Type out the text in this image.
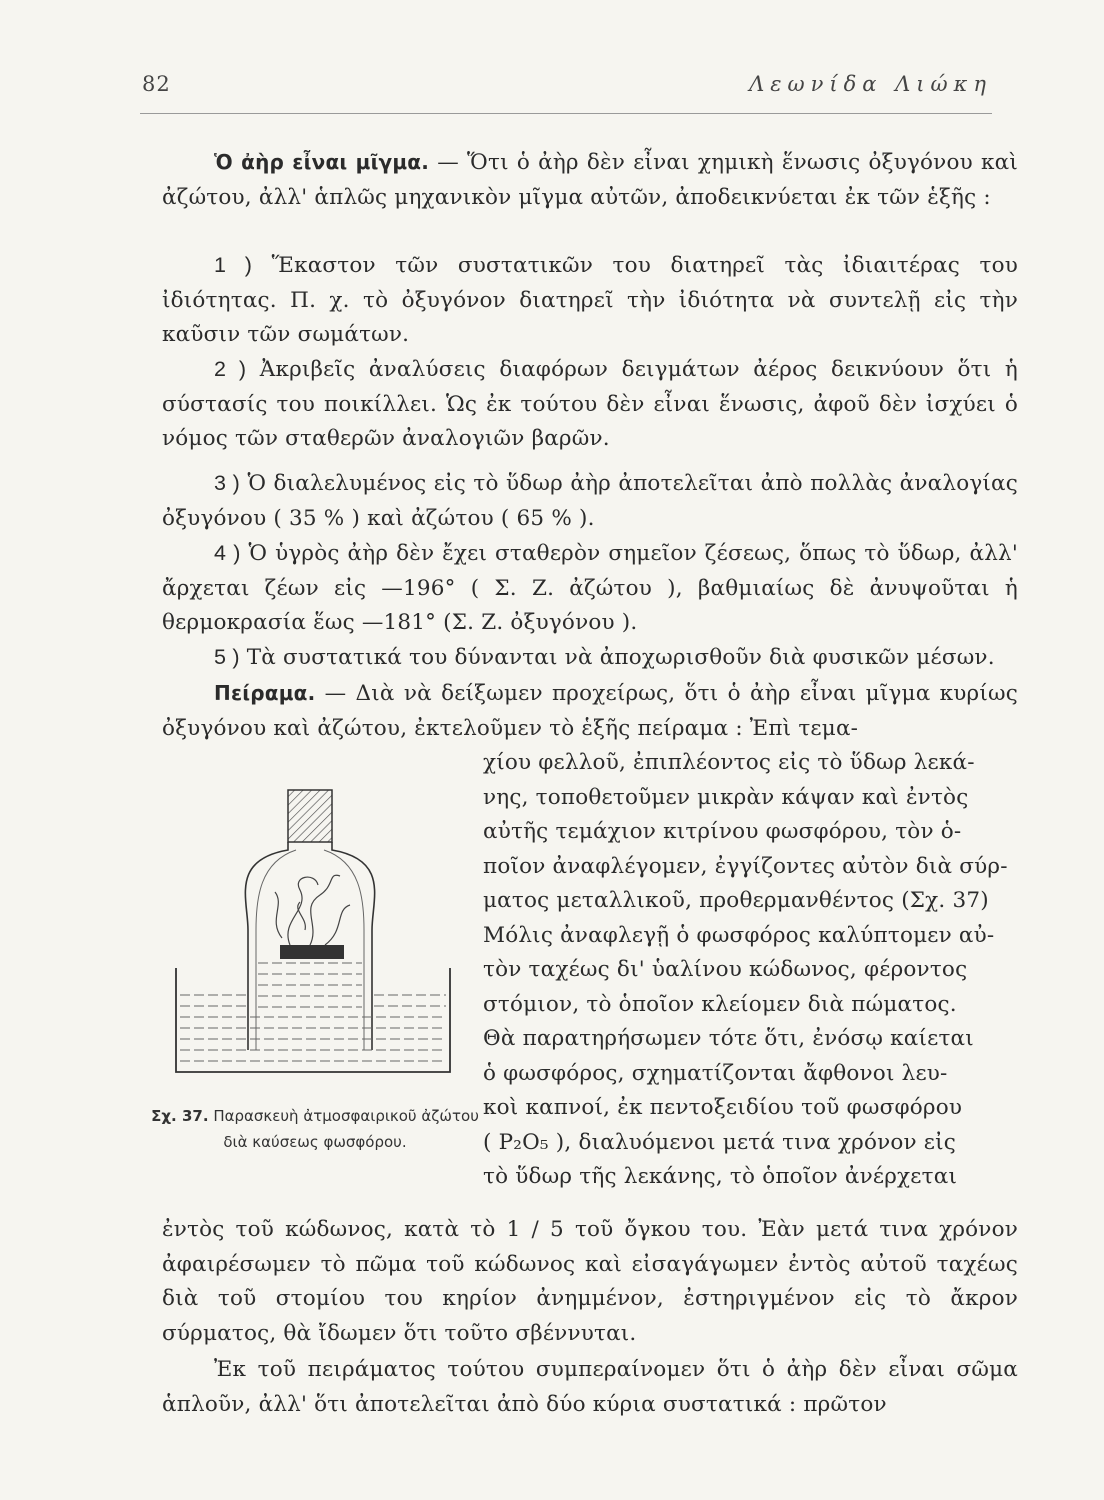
82	Λεωνίδα Λιώκη
Ὁ ἀὴρ εἶναι μῖγμα. — Ὅτι ὁ ἀὴρ δὲν εἶναι χημικὴ ἕνωσις ὀξυγόνου καὶ ἀζώτου, ἀλλ' ἁπλῶς μηχανικὸν μῖγμα αὐτῶν, ἀποδεικνύεται ἐκ τῶν ἑξῆς :
1 ) Ἕκαστον τῶν συστατικῶν του διατηρεῖ τὰς ἰδιαιτέρας του ἰδιότητας. Π. χ. τὸ ὀξυγόνον διατηρεῖ τὴν ἰδιότητα νὰ συντελῇ εἰς τὴν καῦσιν τῶν σωμάτων.
2 ) Ἀκριβεῖς ἀναλύσεις διαφόρων δειγμάτων ἀέρος δεικνύουν ὅτι ἡ σύστασίς του ποικίλλει. Ὡς ἐκ τούτου δὲν εἶναι ἕνωσις, ἀφοῦ δὲν ἰσχύει ὁ νόμος τῶν σταθερῶν ἀναλογιῶν βαρῶν.
3 ) Ὁ διαλελυμένος εἰς τὸ ὕδωρ ἀὴρ ἀποτελεῖται ἀπὸ πολλὰς ἀναλογίας ὀξυγόνου ( 35 % ) καὶ ἀζώτου ( 65 % ).
4 ) Ὁ ὑγρὸς ἀὴρ δὲν ἔχει σταθερὸν σημεῖον ζέσεως, ὅπως τὸ ὕδωρ, ἀλλ' ἄρχεται ζέων εἰς —196° ( Σ. Ζ. ἀζώτου ), βαθμιαίως δὲ ἀνυψοῦται ἡ θερμοκρασία ἕως —181° (Σ. Ζ. ὀξυγόνου ).
5 ) Τὰ συστατικά του δύνανται νὰ ἀποχωρισθοῦν διὰ φυσικῶν μέσων.
Πείραμα. — Διὰ νὰ δείξωμεν προχείρως, ὅτι ὁ ἀὴρ εἶναι μῖγμα κυρίως ὀξυγόνου καὶ ἀζώτου, ἐκτελοῦμεν τὸ ἑξῆς πείραμα : Ἐπὶ τεμα-
χίου φελλοῦ, ἐπιπλέοντος εἰς τὸ ὕδωρ λεκά-
νης, τοποθετοῦμεν μικρὰν κάψαν καὶ ἐντὸς
αὐτῆς τεμάχιον κιτρίνου φωσφόρου, τὸν ὁ-
ποῖον ἀναφλέγομεν, ἐγγίζοντες αὐτὸν διὰ σύρ-
ματος μεταλλικοῦ, προθερμανθέντος (Σχ. 37)
Μόλις ἀναφλεγῇ ὁ φωσφόρος καλύπτομεν αὐ-
τὸν ταχέως δι' ὑαλίνου κώδωνος, φέροντος
στόμιον, τὸ ὁποῖον κλείομεν διὰ πώματος.
Θὰ παρατηρήσωμεν τότε ὅτι, ἐνόσῳ καίεται
ὁ φωσφόρος, σχηματίζονται ἄφθονοι λευ-
κοὶ καπνοί, ἐκ πεντοξειδίου τοῦ φωσφόρου
( P₂O₅ ), διαλυόμενοι μετά τινα χρόνον εἰς
τὸ ὕδωρ τῆς λεκάνης, τὸ ὁποῖον ἀνέρχεται
Σχ. 37. Παρασκευὴ ἀτμοσφαιρικοῦ ἀζώτου διὰ καύσεως φωσφόρου.
ἐντὸς τοῦ κώδωνος, κατὰ τὸ 1 / 5 τοῦ ὄγκου του. Ἐὰν μετά τινα χρόνον ἀφαιρέσωμεν τὸ πῶμα τοῦ κώδωνος καὶ εἰσαγάγωμεν ἐντὸς αὐτοῦ ταχέως διὰ τοῦ στομίου του κηρίον ἀνημμένον, ἐστηριγμένον εἰς τὸ ἄκρον σύρματος, θὰ ἴδωμεν ὅτι τοῦτο σβέννυται.
Ἐκ τοῦ πειράματος τούτου συμπεραίνομεν ὅτι ὁ ἀὴρ δὲν εἶναι σῶμα ἁπλοῦν, ἀλλ' ὅτι ἀποτελεῖται ἀπὸ δύο κύρια συστατικά : πρῶτον
